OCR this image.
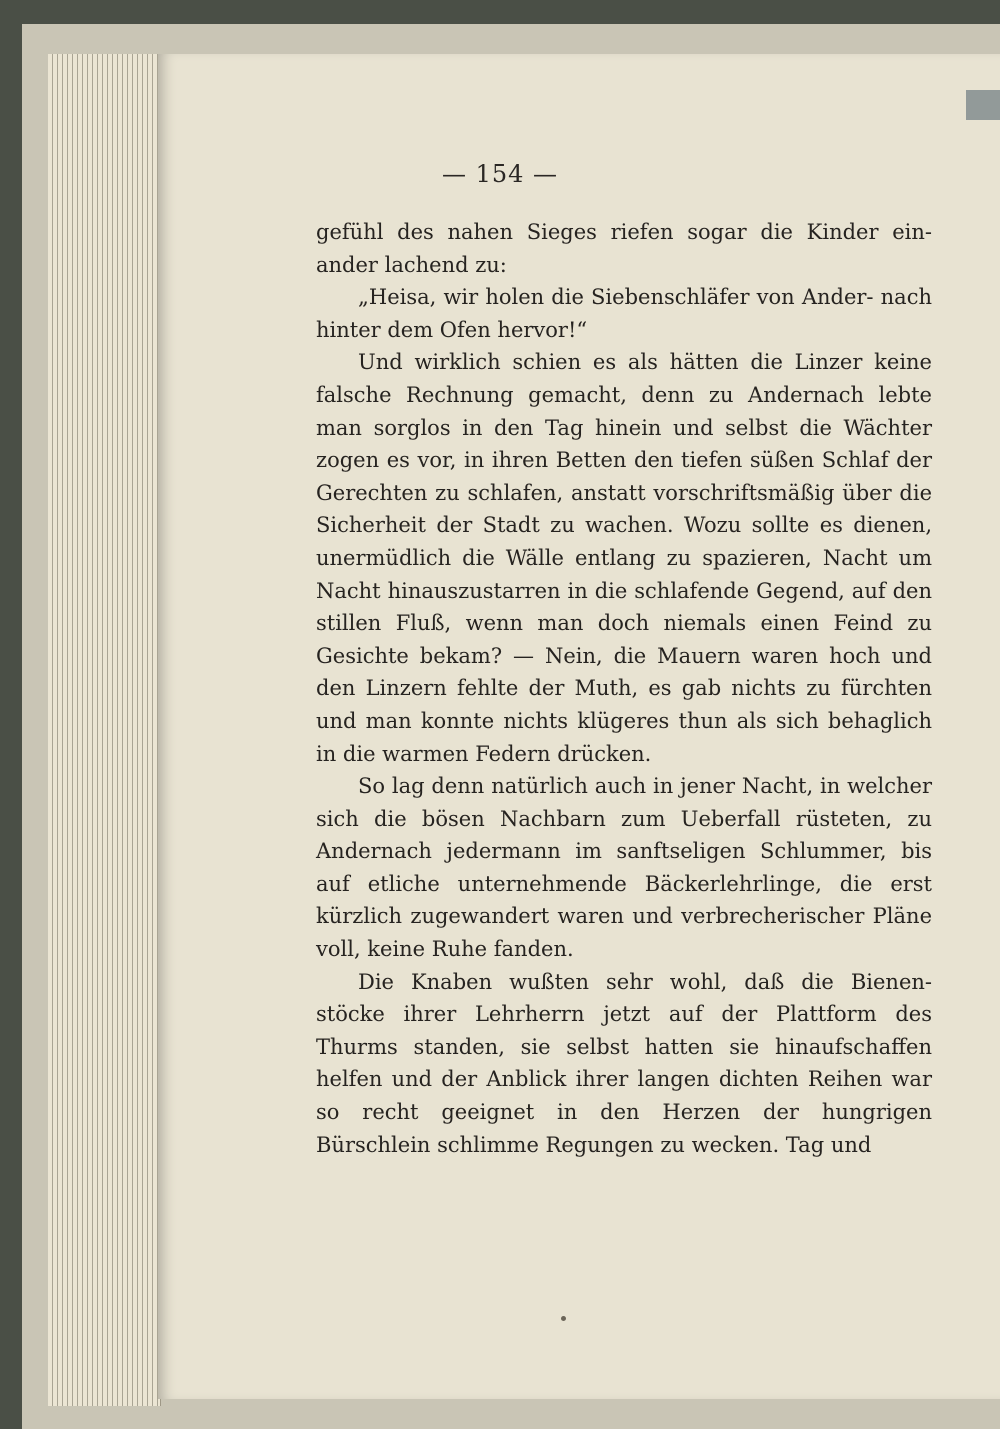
— 154 —

gefühl des nahen Sieges riefen sogar die Kinder ein- ander lachend zu:

„Heisa, wir holen die Siebenschläfer von Ander- nach hinter dem Ofen hervor!“

Und wirklich schien es als hätten die Linzer keine falsche Rechnung gemacht, denn zu Andernach lebte man sorglos in den Tag hinein und selbst die Wächter zogen es vor, in ihren Betten den tiefen süßen Schlaf der Gerechten zu schlafen, anstatt vorschriftsmäßig über die Sicherheit der Stadt zu wachen. Wozu sollte es dienen, unermüdlich die Wälle entlang zu spazieren, Nacht um Nacht hinauszustarren in die schlafende Gegend, auf den stillen Fluß, wenn man doch niemals einen Feind zu Gesichte bekam? — Nein, die Mauern waren hoch und den Linzern fehlte der Muth, es gab nichts zu fürchten und man konnte nichts klügeres thun als sich behaglich in die warmen Federn drücken.

So lag denn natürlich auch in jener Nacht, in welcher sich die bösen Nachbarn zum Ueberfall rüsteten, zu Andernach jedermann im sanftseligen Schlummer, bis auf etliche unternehmende Bäckerlehrlinge, die erst kürzlich zugewandert waren und verbrecherischer Pläne voll, keine Ruhe fanden.

Die Knaben wußten sehr wohl, daß die Bienen- stöcke ihrer Lehrherrn jetzt auf der Plattform des Thurms standen, sie selbst hatten sie hinaufschaffen helfen und der Anblick ihrer langen dichten Reihen war so recht geeignet in den Herzen der hungrigen Bürschlein schlimme Regungen zu wecken. Tag und
